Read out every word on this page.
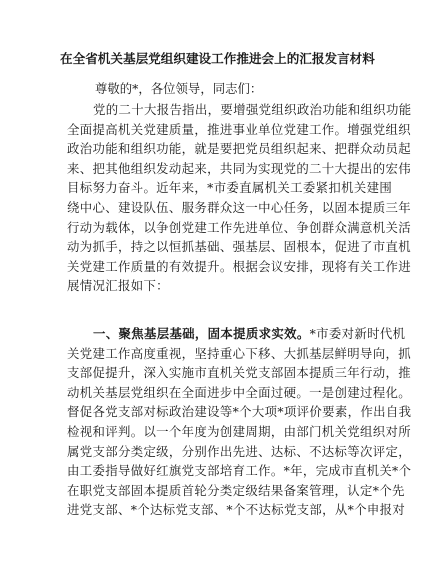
在全省机关基层党组织建设工作推进会上的汇报发言材料
尊敬的*，各位领导，同志们：
党的二十大报告指出，要增强党组织政治功能和组织功能
全面提高机关党建质量，推进事业单位党建工作。增强党组织
政治功能和组织功能，就是要把党员组织起来、把群众动员起
来、把其他组织发动起来，共同为实现党的二十大提出的宏伟
目标努力奋斗。近年来，*市委直属机关工委紧扣机关建围
绕中心、建设队伍、服务群众这一中心任务，以固本提质三年
行动为载体，以争创党建工作先进单位、争创群众满意机关活
动为抓手，持之以恒抓基础、强基层、固根本，促进了市直机
关党建工作质量的有效提升。根据会议安排，现将有关工作进
展情况汇报如下：
一、聚焦基层基础，固本提质求实效。*市委对新时代机
关党建工作高度重视，坚持重心下移、大抓基层鲜明导向，抓
支部促提升，深入实施市直机关党支部固本提质三年行动，推
动机关基层党组织在全面进步中全面过硬。一是创建过程化。
督促各党支部对标政治建设等*个大项*项评价要素，作出自我
检视和评判。以一个年度为创建周期，由部门机关党组织对所
属党支部分类定级，分别作出先进、达标、不达标等次评定，
由工委指导做好红旗党支部培育工作。*年，完成市直机关*个
在职党支部固本提质首轮分类定级结果备案管理，认定*个先
进党支部、*个达标党支部、*个不达标党支部，从*个申报对
